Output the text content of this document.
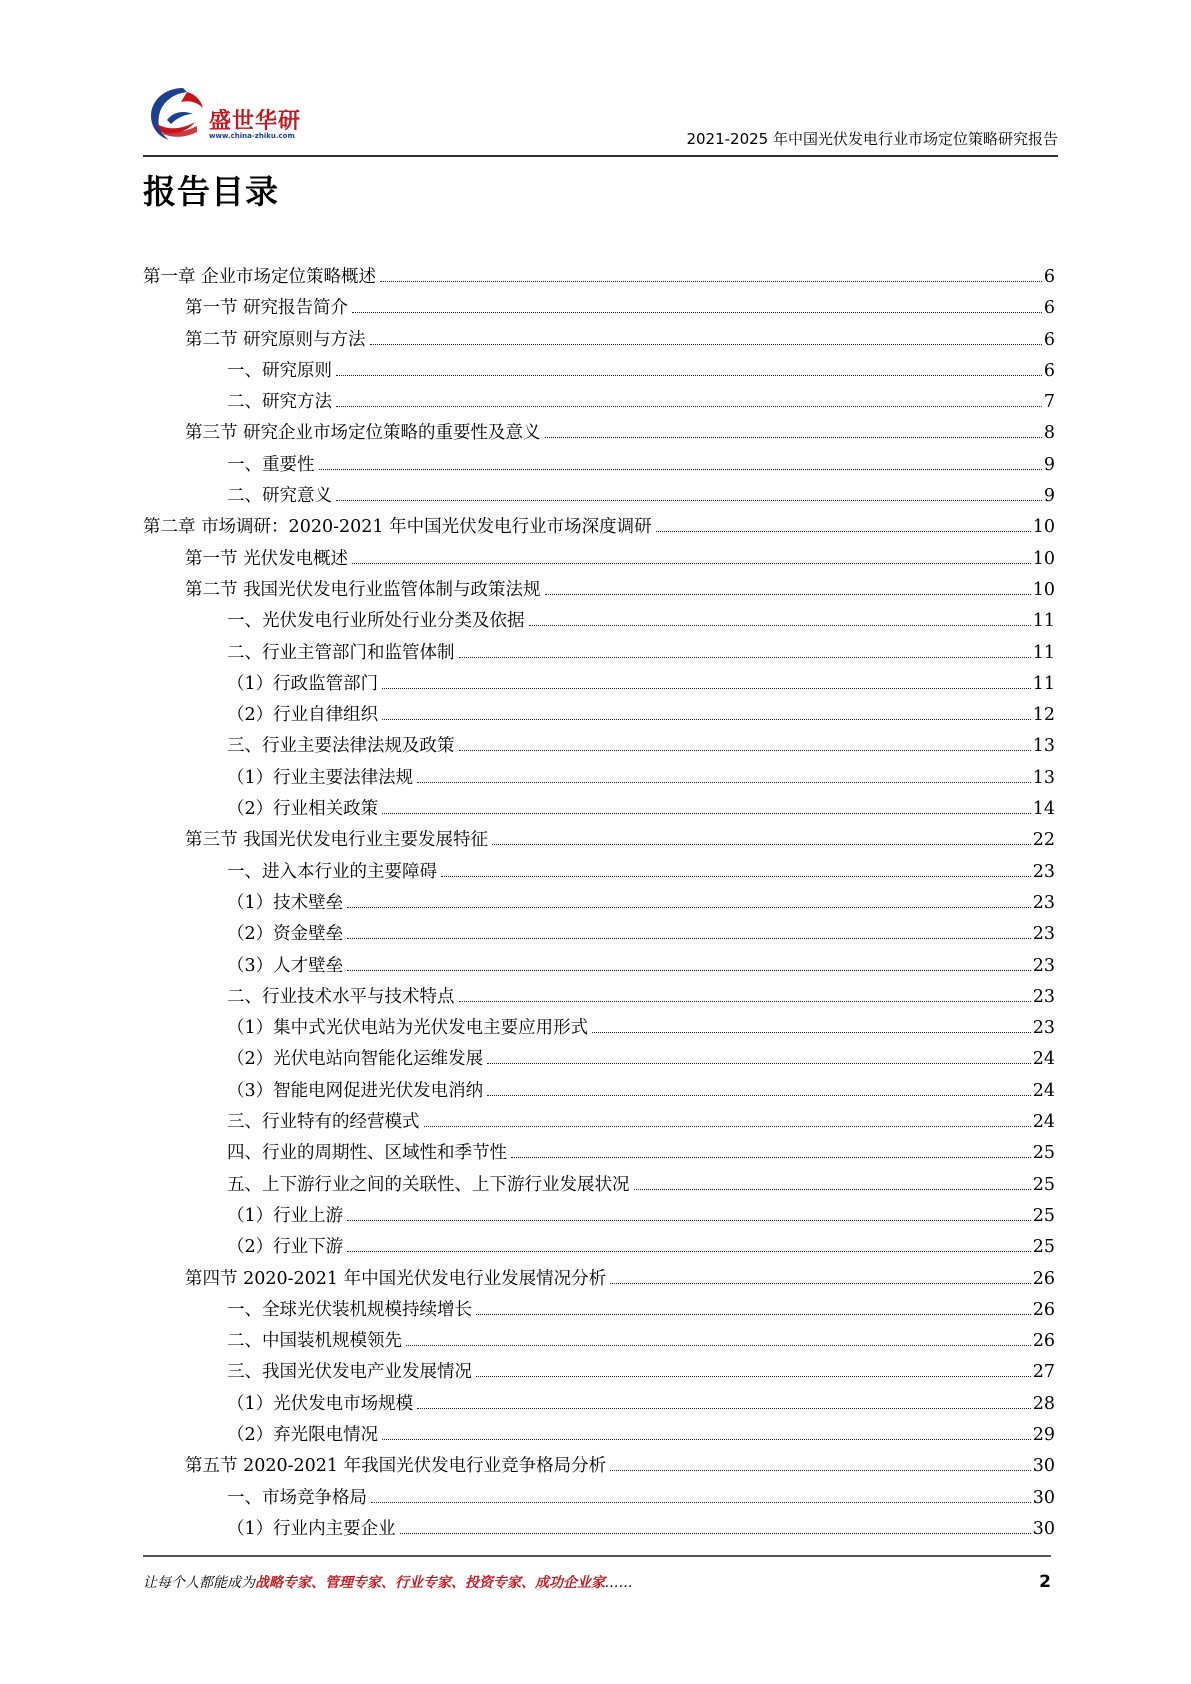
盛世华研
www.china-zhiku.com	2021-2025 年中国光伏发电行业市场定位策略研究报告
报告目录
第一章 企业市场定位策略概述	6
第一节 研究报告简介	6
第二节 研究原则与方法	6
一、研究原则	6
二、研究方法	7
第三节 研究企业市场定位策略的重要性及意义	8
一、重要性	9
二、研究意义	9
第二章 市场调研：2020-2021 年中国光伏发电行业市场深度调研	10
第一节 光伏发电概述	10
第二节 我国光伏发电行业监管体制与政策法规	10
一、光伏发电行业所处行业分类及依据	11
二、行业主管部门和监管体制	11
（1）行政监管部门	11
（2）行业自律组织	12
三、行业主要法律法规及政策	13
（1）行业主要法律法规	13
（2）行业相关政策	14
第三节 我国光伏发电行业主要发展特征	22
一、进入本行业的主要障碍	23
（1）技术壁垒	23
（2）资金壁垒	23
（3）人才壁垒	23
二、行业技术水平与技术特点	23
（1）集中式光伏电站为光伏发电主要应用形式	23
（2）光伏电站向智能化运维发展	24
（3）智能电网促进光伏发电消纳	24
三、行业特有的经营模式	24
四、行业的周期性、区域性和季节性	25
五、上下游行业之间的关联性、上下游行业发展状况	25
（1）行业上游	25
（2）行业下游	25
第四节 2020-2021 年中国光伏发电行业发展情况分析	26
一、全球光伏装机规模持续增长	26
二、中国装机规模领先	26
三、我国光伏发电产业发展情况	27
（1）光伏发电市场规模	28
（2）弃光限电情况	29
第五节 2020-2021 年我国光伏发电行业竞争格局分析	30
一、市场竞争格局	30
（1）行业内主要企业	30
让每个人都能成为战略专家、管理专家、行业专家、投资专家、成功企业家……	2
